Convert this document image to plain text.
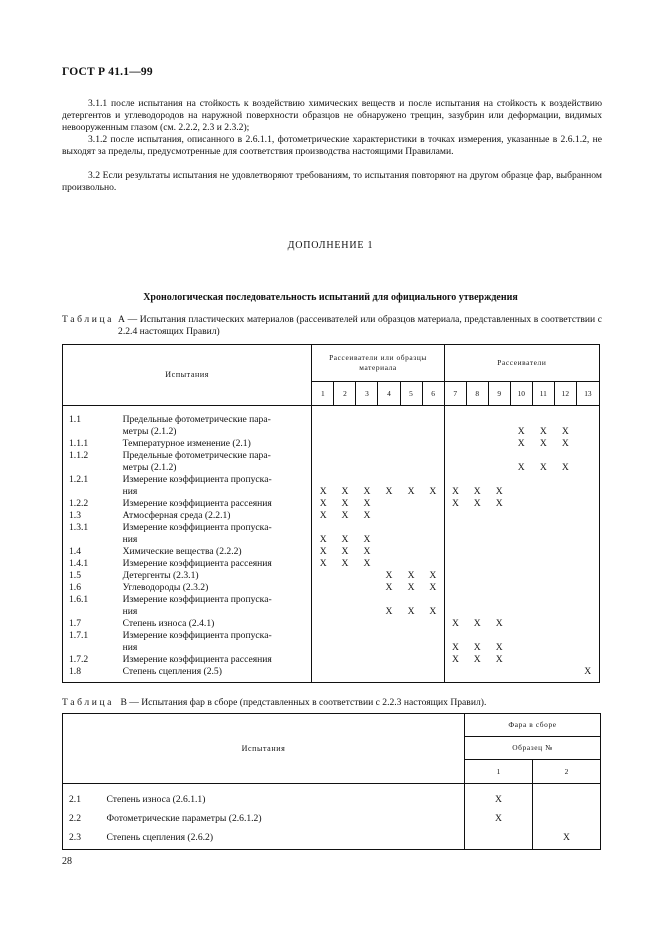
ГОСТ Р 41.1—99
3.1.1 после испытания на стойкость к воздействию химических веществ и после испытания на стойкость к воздействию детергентов и углеводородов на наружной поверхности образцов не обнаружено трещин, зазубрин или деформации, видимых невооруженным глазом (см. 2.2.2, 2.3 и 2.3.2);
3.1.2 после испытания, описанного в 2.6.1.1, фотометрические характеристики в точках измерения, указанные в 2.6.1.2, не выходят за пределы, предусмотренные для соответствия производства настоящими Правилами.
3.2 Если результаты испытания не удовлетворяют требованиям, то испытания повторяют на другом образце фар, выбранном произвольно.
ДОПОЛНЕНИЕ 1
Хронологическая последовательность испытаний для официального утверждения
Таблица А — Испытания пластических материалов (рассеивателей или образцов материала, представленных в соответствии с 2.2.4 настоящих Правил)
Испытания		Рассеиватели или образцы материала						Рассеиватели						
		1	2	3	4	5	6	7	8	9	10	11	12	13

1.1	Предельные фотометрические пара-													
	метры (2.1.2)										X	X	X	
1.1.1	Температурное изменение (2.1)										X	X	X	
1.1.2	Предельные фотометрические пара-													
	метры (2.1.2)										X	X	X	
1.2.1	Измерение коэффициента пропуска-													
	ния	X	X	X	X	X	X	X	X	X				
1.2.2	Измерение коэффициента рассеяния	X	X	X				X	X	X				
1.3	Атмосферная среда (2.2.1)	X	X	X										
1.3.1	Измерение коэффициента пропуска-													
	ния	X	X	X										
1.4	Химические вещества (2.2.2)	X	X	X										
1.4.1	Измерение коэффициента рассеяния	X	X	X										
1.5	Детергенты (2.3.1)				X	X	X							
1.6	Углеводороды (2.3.2)				X	X	X							
1.6.1	Измерение коэффициента пропуска-													
	ния				X	X	X							
1.7	Степень износа (2.4.1)							X	X	X				
1.7.1	Измерение коэффициента пропуска-													
	ния							X	X	X				
1.7.2	Измерение коэффициента рассеяния							X	X	X				
1.8	Степень сцепления (2.5)													X

Таблица В — Испытания фар в сборе (представленных в соответствии с 2.2.3 настоящих Правил).
Испытания		Фара в сборе	
		Образец №	
		1	2

2.1	Степень износа (2.6.1.1)	X	
2.2	Фотометрические параметры (2.6.1.2)	X	
2.3	Степень сцепления (2.6.2)		X

28
